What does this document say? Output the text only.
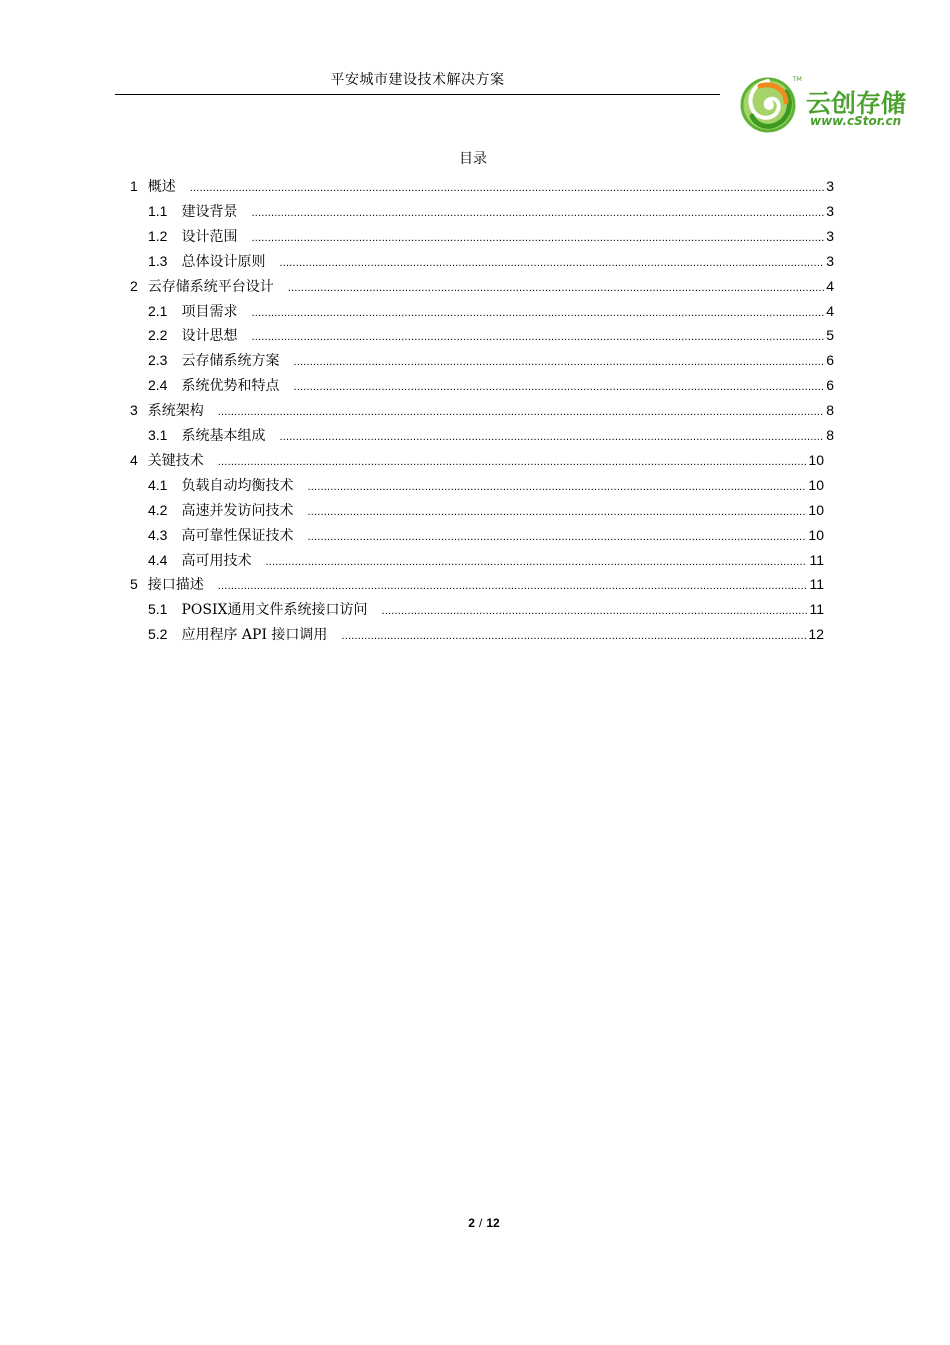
平安城市建设技术解决方案	TM
云创存储
www.cStor.cn
目录
1 概述 .....	3
1.1 建设背景 .....	3
1.2 设计范围 .....	3
1.3 总体设计原则 .....	3
2 云存储系统平台设计 .....	4
2.1 项目需求 .....	4
2.2 设计思想 .....	5
2.3 云存储系统方案 .....	6
2.4 系统优势和特点 .....	6
3 系统架构 .....	8
3.1 系统基本组成 .....	8
4 关键技术 .....	10
4.1 负载自动均衡技术 .....	10
4.2 高速并发访问技术 .....	10
4.3 高可靠性保证技术 .....	10
4.4 高可用技术 .....	11
5 接口描述 .....	11
5.1 POSIX通用文件系统接口访问 .....	11
5.2 应用程序 API 接口调用 .....	12
2 / 12
